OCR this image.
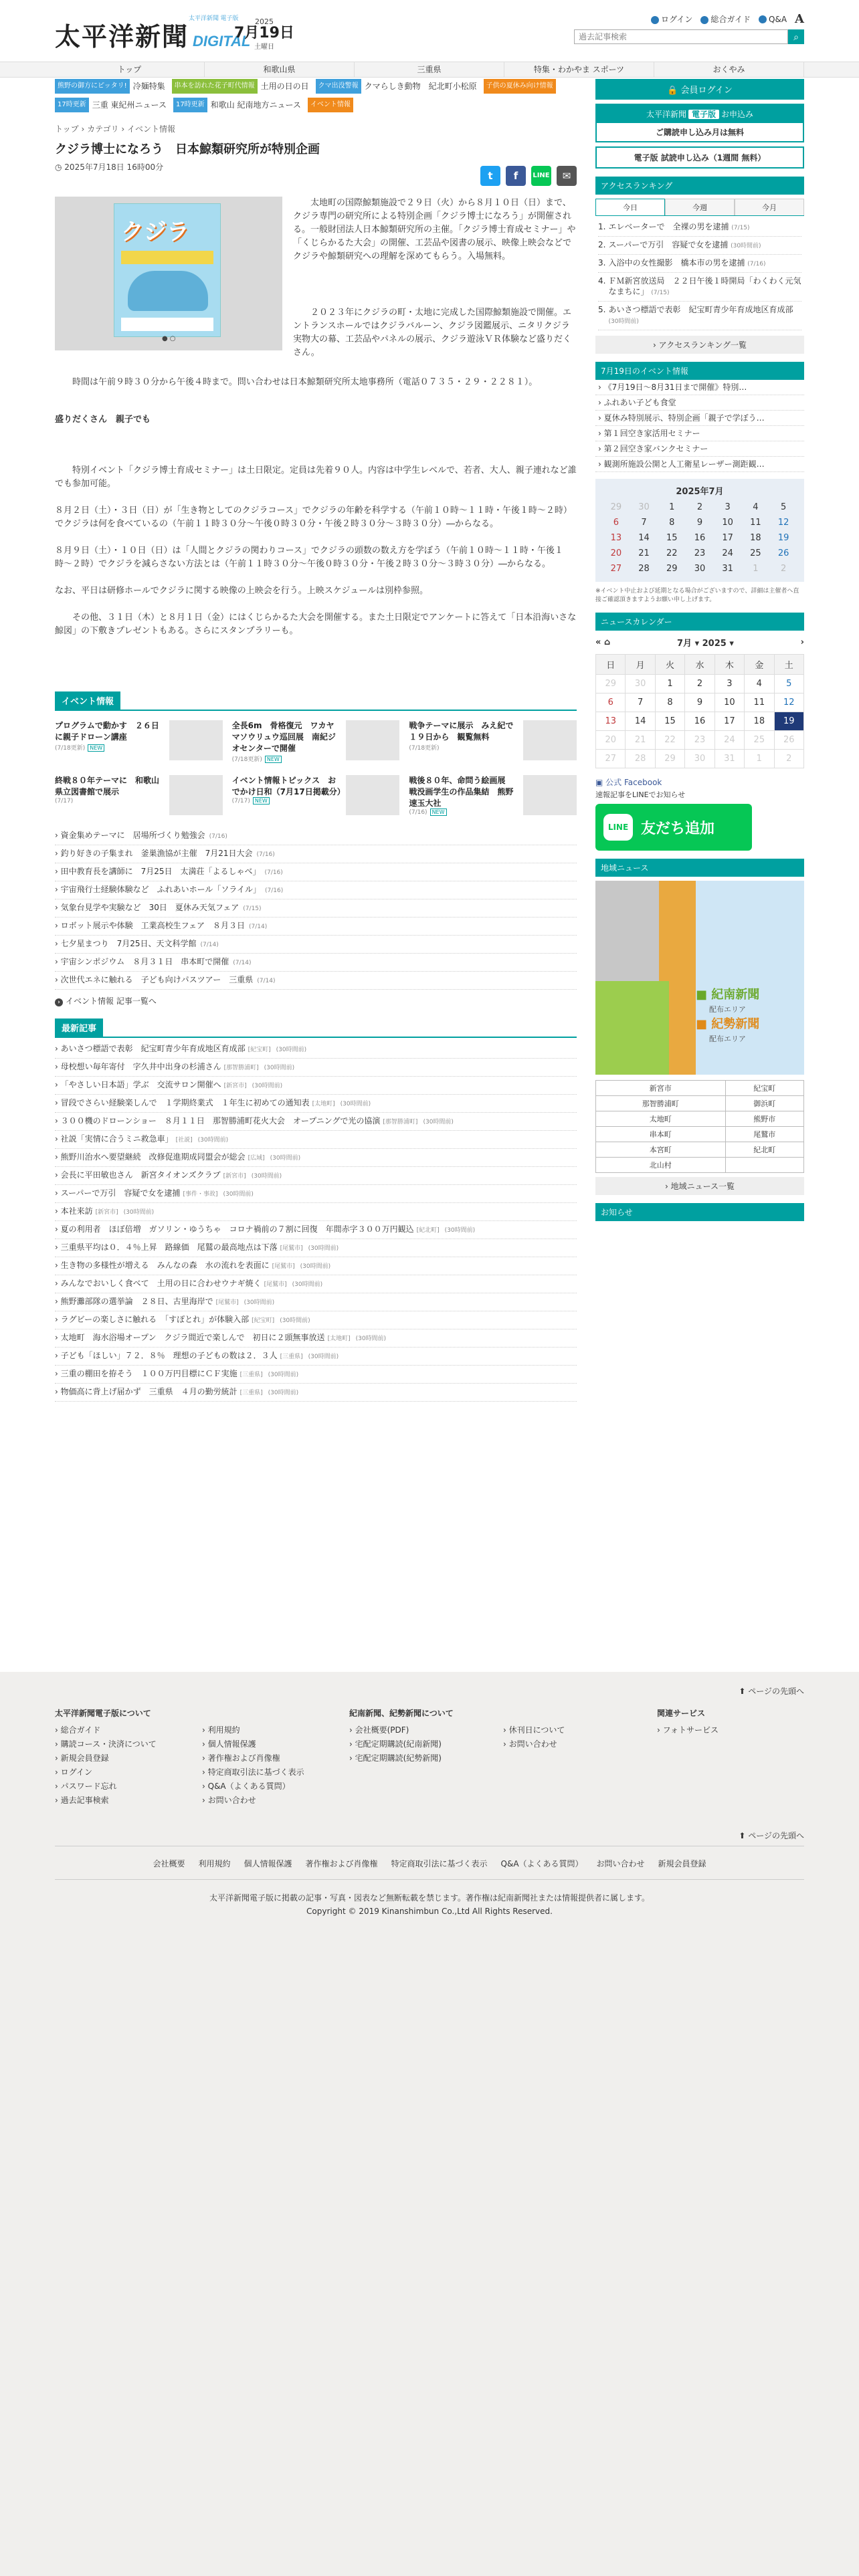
太平洋新聞 電子版
太平洋新聞 DIGITAL
2025
7月19日
土曜日
ログイン	総合ガイド	Q&A A
過去記事検索
⌕
トップ	和歌山県	三重県	特集・わかやま スポーツ	おくやみ
熊野の御方にピッタリ! 冷麺特集	串本を訪れた花子町代情報 土用の日の日	クマ出没警報 クマらしき動物　紀北町小松原	子供の夏休み向け情報
17時更新 三重 東紀州ニュース	17時更新 和歌山 紀南地方ニュース	イベント情報
トップ › カテゴリ › イベント情報
クジラ博士になろう　日本鯨類研究所が特別企画
◷ 2025年7月18日 16時00分
t	f	LINE	✉
クジラ
●○

太地町の国際鯨類施設で２９日（火）から８月１０日（日）まで、クジラ専門の研究所による特別企画「クジラ博士になろう」が開催される。一般財団法人日本鯨類研究所の主催。「クジラ博士育成セミナー」や「くじらかるた大会」の開催、工芸品や図書の展示、映像上映会などでクジラや鯨類研究への理解を深めてもらう。入場無料。

２０２３年にクジラの町・太地に完成した国際鯨類施設で開催。エントランスホールではクジラバルーン、クジラ図鑑展示、ニタリクジラ実物大の幕、工芸品やパネルの展示、クジラ遊泳ＶＲ体験など盛りだくさん。

時間は午前９時３０分から午後４時まで。問い合わせは日本鯨類研究所太地事務所（電話０７３５・２９・２２８１）。

盛りだくさん　親子でも

特別イベント「クジラ博士育成セミナー」は土日限定。定員は先着９０人。内容は中学生レベルで、若者、大人、親子連れなど誰でも参加可能。

８月２日（土）・３日（日）が「生き物としてのクジラコース」でクジラの年齢を科学する（午前１０時〜１１時・午後１時〜２時）でクジラは何を食べているの（午前１１時３０分〜午後０時３０分・午後２時３０分〜３時３０分）―からなる。

８月９日（土）・１０日（日）は「人間とクジラの関わりコース」でクジラの頭数の数え方を学ぼう（午前１０時〜１１時・午後１時〜２時）でクジラを減らさない方法とは（午前１１時３０分〜午後０時３０分・午後２時３０分〜３時３０分）―からなる。

なお、平日は研修ホールでクジラに関する映像の上映会を行う。上映スケジュールは別枠参照。

その他、３１日（木）と８月１日（金）にはくじらかるた大会を開催する。また土日限定でアンケートに答えて「日本沿海いさな鯨図」の下敷きプレゼントもある。さらにスタンプラリーも。

イベント情報
プログラムで動かす　２６日に親子ドローン講座
(7/18更新) NEW
全長6m　骨格復元　ワカヤマソウリュウ巡回展　南紀ジオセンターで開催
(7/18更新) NEW
戦争テーマに展示　みえ紀で１９日から　観覧無料
(7/18更新)
終戦８０年テーマに　和歌山県立図書館で展示
(7/17)
イベント情報トピックス　おでかけ日和（7月17日掲載分）
(7/17) NEW
戦後８０年、命問う絵画展　戦没画学生の作品集結　熊野速玉大社
(7/16) NEW
› 資金集めテーマに　居場所づくり勉強会 (7/16)
› 釣り好きの子集まれ　釜巣漁協が主催　7月21日大会 (7/16)
› 田中教育長を講師に　7月25日　太満荘「よるしゃべ」 (7/16)
› 宇宙飛行士経験体験など　ふれあいホール「ソライル」 (7/16)
› 気象台見学や実験など　30日　夏休み天気フェア (7/15)
› ロボット展示や体験　工業高校生フェア　８月３日 (7/14)
› 七夕星まつり　7月25日、天文科学館 (7/14)
› 宇宙シンポジウム　８月３１日　串本町で開催 (7/14)
› 次世代エネに触れる　子ども向けパスツアー　三重県 (7/14)
› イベント情報 記事一覧へ
最新記事
› あいさつ標語で表彰　紀宝町青少年育成地区育成部 [紀宝町] (30時間前)
› 母校想い毎年寄付　字久井中出身の杉浦さん [那智勝浦町] (30時間前)
› 「やさしい日本語」学ぶ　交流サロン開催へ [新宮市] (30時間前)
› 冒段でさらい経験楽しんで　１学期終業式　１年生に初めての通知表 [太地町] (30時間前)
› ３００機のドローンショー　８月１１日　那智勝浦町花火大会　オープニングで光の協演 [那智勝浦町] (30時間前)
› 社説「実情に合うミニ救急車」 [社説] (30時間前)
› 熊野川治水へ要望継続　改修促進期成同盟会が総会 [広域] (30時間前)
› 会長に平田敏也さん　新宮タイオンズクラブ [新宮市] (30時間前)
› スーパーで万引　容疑で女を逮捕 [事件・事故] (30時間前)
› 本社来訪 [新宮市] (30時間前)
› 夏の利用者　ほぼ倍増　ガソリン・ゆうちゃ　コロナ禍前の７割に回復　年間赤字３００万円観込 [紀北町] (30時間前)
› 三重県平均は０．４％上昇　路線価　尾鷲の最高地点は下落 [尾鷲市] (30時間前)
› 生き物の多様性が増える　みんなの森　水の流れを表面に [尾鷲市] (30時間前)
› みんなでおいしく食べて　土用の日に合わせウナギ焼く [尾鷲市] (30時間前)
› 熊野灘部隊の選挙論　２８日、古里海岸で [尾鷲市] (30時間前)
› ラグビーの楽しさに触れる　「すぽとれ」が体験入部 [紀宝町] (30時間前)
› 太地町　海水浴場オープン　クジラ間近で楽しんで　初日に２頭無事放送 [太地町] (30時間前)
› 子ども「ほしい」７２．８％　理想の子どもの数は２．３人 [三重県] (30時間前)
› 三重の棚田を拵そう　１００万円目標にＣＦ実施 [三重県] (30時間前)
› 物価高に背上げ届かず　三重県　４月の勤労統計 [三重県] (30時間前)
🔒 会員ログイン
太平洋新聞 電子版 お申込み
ご購読申し込み月は無料
電子版 試読申し込み（1週間 無料）
アクセスランキング
今日	今週	今月
1. エレベーターで　全裸の男を逮捕 (7/15)
2. スーパーで万引　容疑で女を逮捕 (30時間前)
3. 入浴中の女性撮影　橋本市の男を逮捕 (7/16)
4. ＦＭ新宮放送局　２２日午後１時開局「わくわく元気なまちに」 (7/15)
5. あいさつ標語で表彰　紀宝町青少年育成地区育成部 (30時間前)
› アクセスランキング一覧
7月19日のイベント情報
› 《7月19日〜8月31日まで開催》特別…
› ふれあい子ども食堂
› 夏休み特別展示、特別企画「親子で学ぼう…
› 第１回空き家活用セミナー
› 第２回空き家バンクセミナー
› 観測所施設公開と人工衛星レーザー測距観…
2025年7月
29	30	1	2	3	4	5
6	7	8	9	10	11	12
13	14	15	16	17	18	19
20	21	22	23	24	25	26
27	28	29	30	31	1	2
※イベント中止および延期となる場合がございますので、詳細は主催者へ直接ご確認頂きますようお願い申し上げます。
ニュースカレンダー
« ⌂	7月 ▾ 2025 ▾	›
日	月	火	水	木	金	土
29	30	1	2	3	4	5
6	7	8	9	10	11	12
13	14	15	16	17	18	19
20	21	22	23	24	25	26
27	28	29	30	31	1	2
▣ 公式 Facebook
速報記事をLINEでお知らせ
LINE 友だち追加
地域ニュース
■ 紀南新聞
配布エリア
■ 紀勢新聞
配布エリア
新宮市	紀宝町
那智勝浦町	御浜町
太地町	熊野市
串本町	尾鷲市
本宮町	紀北町
北山村	
› 地域ニュース一覧
お知らせ
⬆ ページの先頭へ
太平洋新聞電子版について
› 総合ガイド
› 購読コース・決済について
› 新規会員登録
› ログイン
› パスワード忘れ
› 過去記事検索
› 利用規約
› 個人情報保護
› 著作権および肖像権
› 特定商取引法に基づく表示
› Q&A（よくある質問）
› お問い合わせ
紀南新聞、紀勢新聞について
› 会社概要(PDF)
› 宅配定期購読(紀南新聞)
› 宅配定期購読(紀勢新聞)
› 休刊日について
› お問い合わせ
関連サービス
› フォトサービス
⬆ ページの先頭へ
会社概要 利用規約 個人情報保護 著作権および肖像権 特定商取引法に基づく表示 Q&A（よくある質問） お問い合わせ 新規会員登録
太平洋新聞電子版に掲載の記事・写真・図表など無断転載を禁じます。著作権は紀南新聞社または情報提供者に属します。
Copyright © 2019 Kinanshimbun Co.,Ltd All Rights Reserved.
